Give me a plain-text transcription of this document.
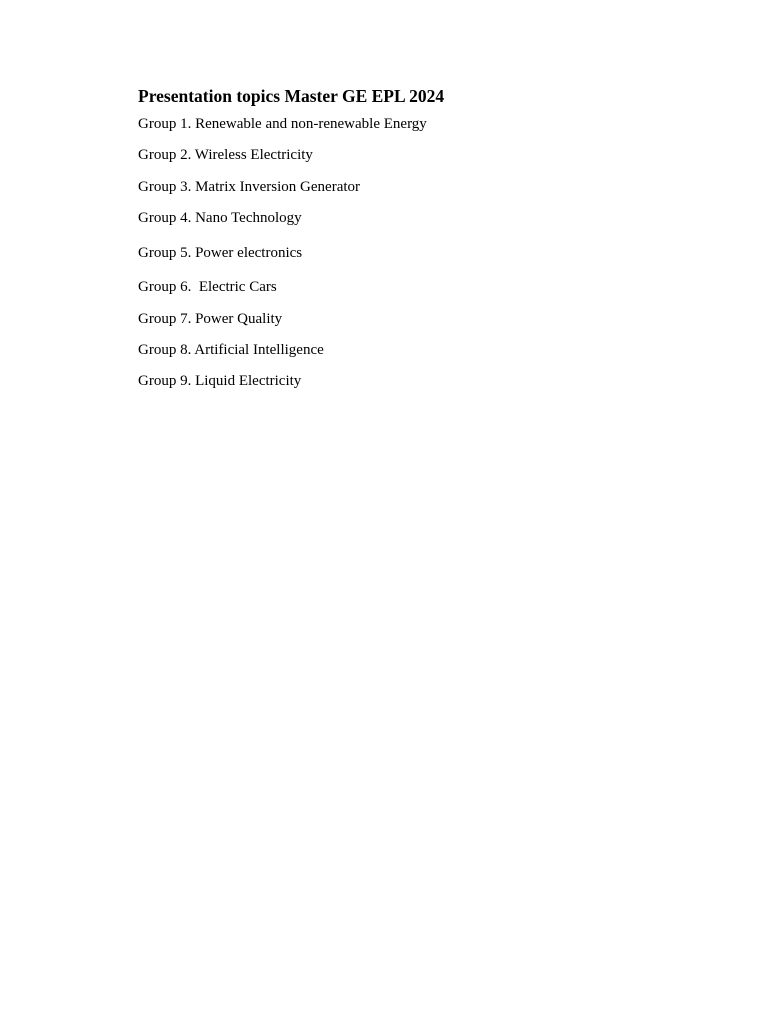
Presentation topics Master GE EPL 2024
Group 1. Renewable and non-renewable Energy
Group 2. Wireless Electricity
Group 3. Matrix Inversion Generator
Group 4. Nano Technology
Group 5. Power electronics
Group 6.  Electric Cars
Group 7. Power Quality
Group 8. Artificial Intelligence
Group 9. Liquid Electricity
